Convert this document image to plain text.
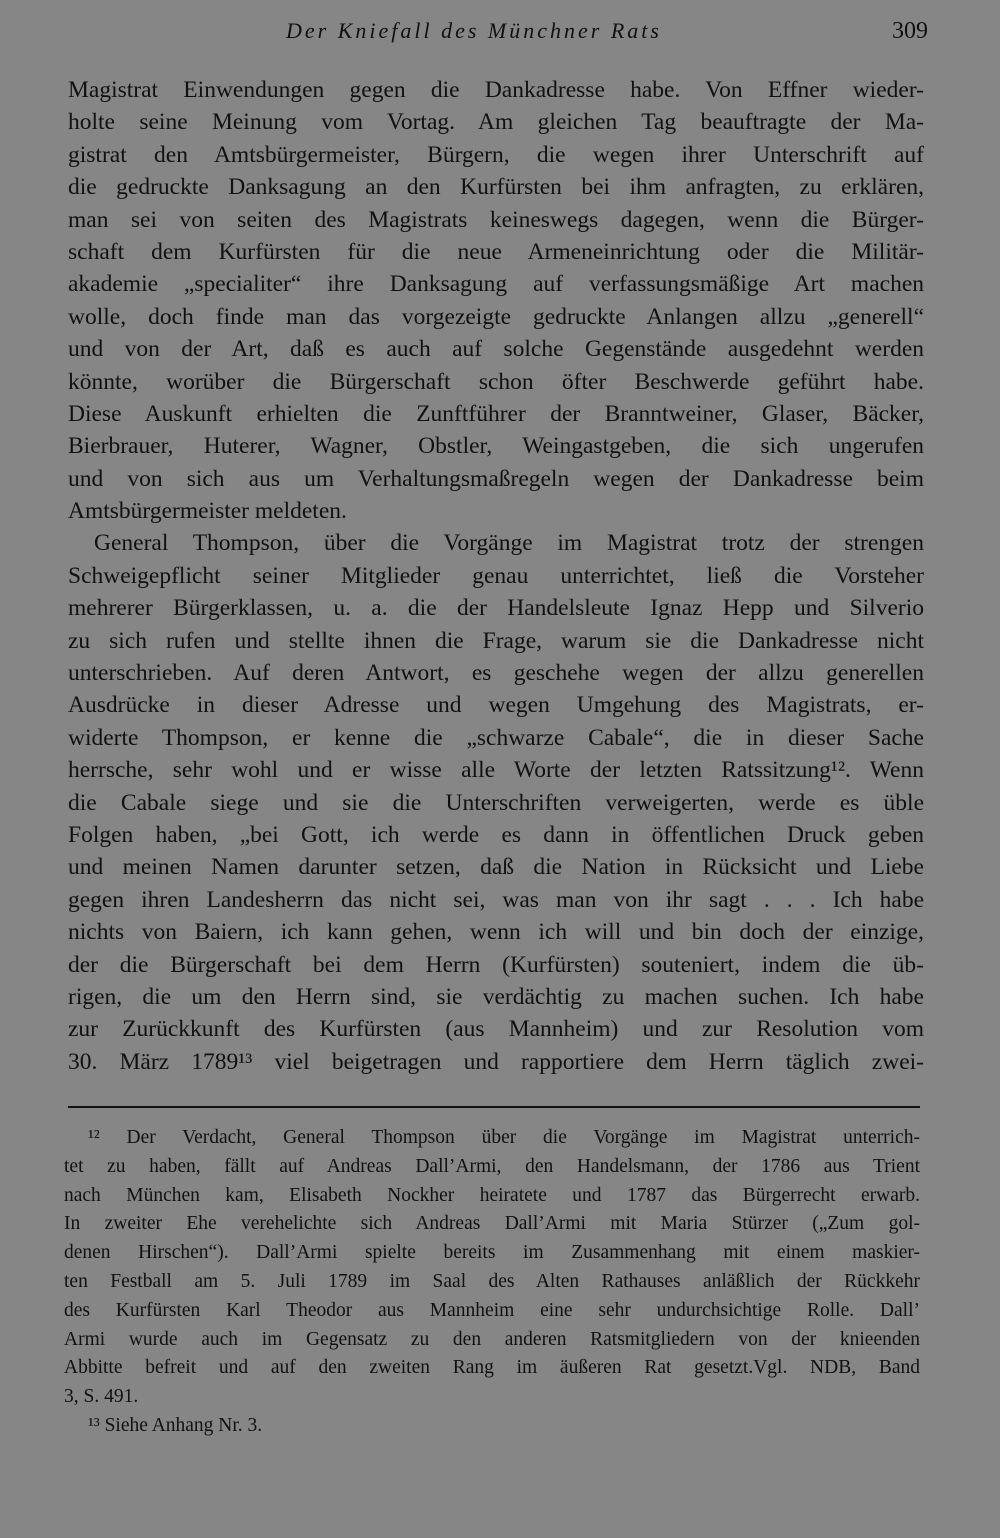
Der Kniefall des Münchner Rats	309
Magistrat Einwendungen gegen die Dankadresse habe. Von Effner wieder-
holte seine Meinung vom Vortag. Am gleichen Tag beauftragte der Ma-
gistrat den Amtsbürgermeister, Bürgern, die wegen ihrer Unterschrift auf
die gedruckte Danksagung an den Kurfürsten bei ihm anfragten, zu erklären,
man sei von seiten des Magistrats keineswegs dagegen, wenn die Bürger-
schaft dem Kurfürsten für die neue Armeneinrichtung oder die Militär-
akademie „specialiter“ ihre Danksagung auf verfassungsmäßige Art machen
wolle, doch finde man das vorgezeigte gedruckte Anlangen allzu „generell“
und von der Art, daß es auch auf solche Gegenstände ausgedehnt werden
könnte, worüber die Bürgerschaft schon öfter Beschwerde geführt habe.
Diese Auskunft erhielten die Zunftführer der Branntweiner, Glaser, Bäcker,
Bierbrauer, Huterer, Wagner, Obstler, Weingastgeben, die sich ungerufen
und von sich aus um Verhaltungsmaßregeln wegen der Dankadresse beim
Amtsbürgermeister meldeten.
General Thompson, über die Vorgänge im Magistrat trotz der strengen
Schweigepflicht seiner Mitglieder genau unterrichtet, ließ die Vorsteher
mehrerer Bürgerklassen, u. a. die der Handelsleute Ignaz Hepp und Silverio
zu sich rufen und stellte ihnen die Frage, warum sie die Dankadresse nicht
unterschrieben. Auf deren Antwort, es geschehe wegen der allzu generellen
Ausdrücke in dieser Adresse und wegen Umgehung des Magistrats, er-
widerte Thompson, er kenne die „schwarze Cabale“, die in dieser Sache
herrsche, sehr wohl und er wisse alle Worte der letzten Ratssitzung¹². Wenn
die Cabale siege und sie die Unterschriften verweigerten, werde es üble
Folgen haben, „bei Gott, ich werde es dann in öffentlichen Druck geben
und meinen Namen darunter setzen, daß die Nation in Rücksicht und Liebe
gegen ihren Landesherrn das nicht sei, was man von ihr sagt . . . Ich habe
nichts von Baiern, ich kann gehen, wenn ich will und bin doch der einzige,
der die Bürgerschaft bei dem Herrn (Kurfürsten) souteniert, indem die üb-
rigen, die um den Herrn sind, sie verdächtig zu machen suchen. Ich habe
zur Zurückkunft des Kurfürsten (aus Mannheim) und zur Resolution vom
30. März 1789¹³ viel beigetragen und rapportiere dem Herrn täglich zwei-
¹² Der Verdacht, General Thompson über die Vorgänge im Magistrat unterrich-
tet zu haben, fällt auf Andreas Dall’Armi, den Handelsmann, der 1786 aus Trient
nach München kam, Elisabeth Nockher heiratete und 1787 das Bürgerrecht erwarb.
In zweiter Ehe verehelichte sich Andreas Dall’Armi mit Maria Stürzer („Zum gol-
denen Hirschen“). Dall’Armi spielte bereits im Zusammenhang mit einem maskier-
ten Festball am 5. Juli 1789 im Saal des Alten Rathauses anläßlich der Rückkehr
des Kurfürsten Karl Theodor aus Mannheim eine sehr undurchsichtige Rolle. Dall’
Armi wurde auch im Gegensatz zu den anderen Ratsmitgliedern von der knieenden
Abbitte befreit und auf den zweiten Rang im äußeren Rat gesetzt.Vgl. NDB, Band
3, S. 491.
¹³ Siehe Anhang Nr. 3.
